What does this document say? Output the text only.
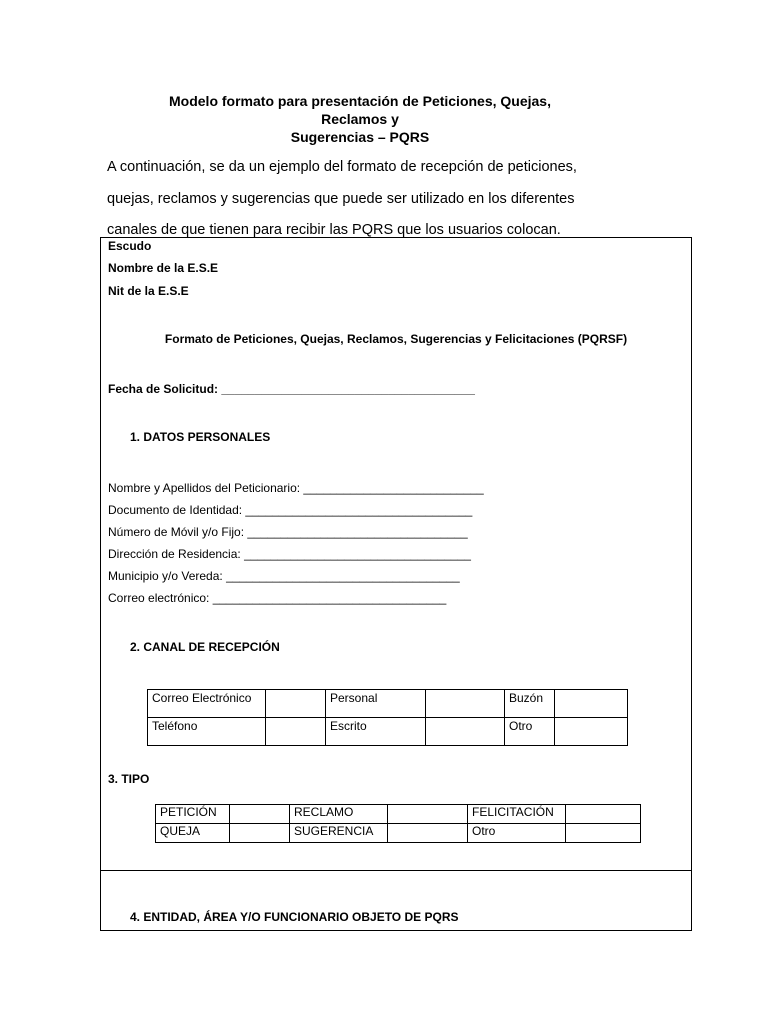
Modelo formato para presentación de Peticiones, Quejas,
Reclamos y
Sugerencias – PQRS
A continuación, se da un ejemplo del formato de recepción de peticiones,
quejas, reclamos y sugerencias que puede ser utilizado en los diferentes
canales de que tienen para recibir las PQRS que los usuarios colocan.
Escudo
Nombre de la E.S.E
Nit de la E.S.E
Formato de Peticiones, Quejas, Reclamos, Sugerencias y Felicitaciones (PQRSF)
Fecha de Solicitud: ______________________________________
1. DATOS PERSONALES
Nombre y Apellidos del Peticionario: ___________________________
Documento de Identidad: __________________________________
Número de Móvil y/o Fijo: _________________________________
Dirección de Residencia: __________________________________
Municipio y/o Vereda: ___________________________________
Correo electrónico: ___________________________________
2. CANAL DE RECEPCIÓN
Correo Electrónico		Personal		Buzón	
Teléfono		Escrito		Otro	
3. TIPO
PETICIÓN		RECLAMO		FELICITACIÓN	
QUEJA		SUGERENCIA		Otro	
4. ENTIDAD, ÁREA Y/O FUNCIONARIO OBJETO DE PQRS
